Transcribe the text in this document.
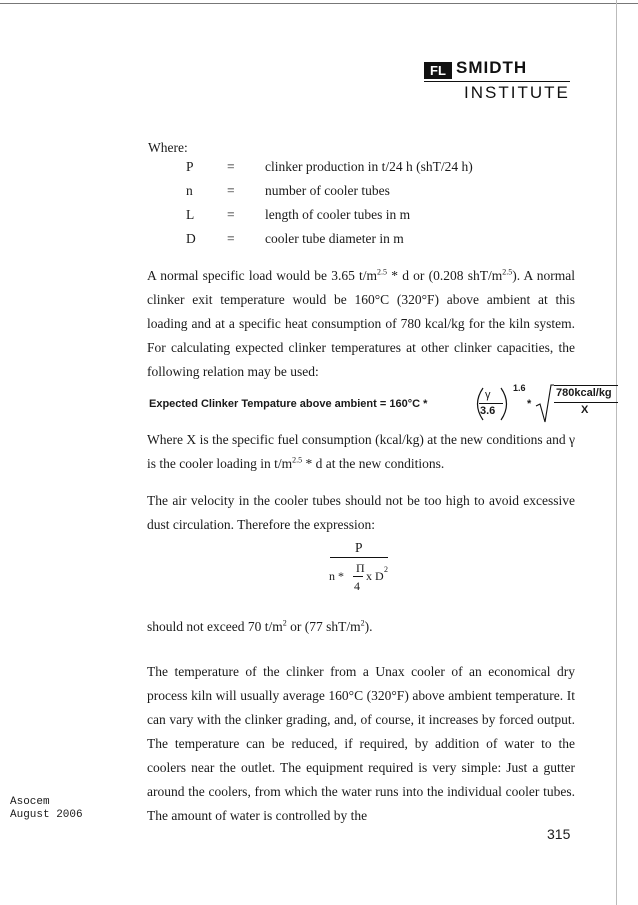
FL SMIDTH
INSTITUTE
Where:
P = clinker production in t/24 h (shT/24 h)
n	= number of cooler tubes
L = length of cooler tubes in m
D = cooler tube diameter in m

A normal specific load would be 3.65 $t/m^{2.5}$ * d or (0.208 shT/$m^{2.5}$). A normal clinker exit temperature would be 160°C (320°F) above ambient at this loading and at a specific heat consumption of 780 kcal/kg for the kiln system. For calculating expected clinker temperatures at other clinker capacities, the following relation may be used:

Expected Clinker Tempature above ambient = 160°C *
γ
3.6
1.6
*
780kcal/kg
X

Where X is the specific fuel consumption (kcal/kg) at the new conditions and γ is the cooler loading in $t/m^{2.5}$ * d at the new conditions.

The air velocity in the cooler tubes should not be too high to avoid excessive dust circulation. Therefore the expression:

P
Π
n *
4
x D 2

should not exceed 70 $t/m^2$ or (77 shT/$m^2$).

The temperature of the clinker from a Unax cooler of an economical dry process kiln will usually average 160°C (320°F) above ambient temperature. It can vary with the clinker grading, and, of course, it increases by forced output. The temperature can be reduced, if required, by addition of water to the coolers near the outlet. The equipment required is very simple: Just a gutter around the coolers, from which the water runs into the individual cooler tubes. The amount of water is controlled by the

Asocem
August 2006
315
